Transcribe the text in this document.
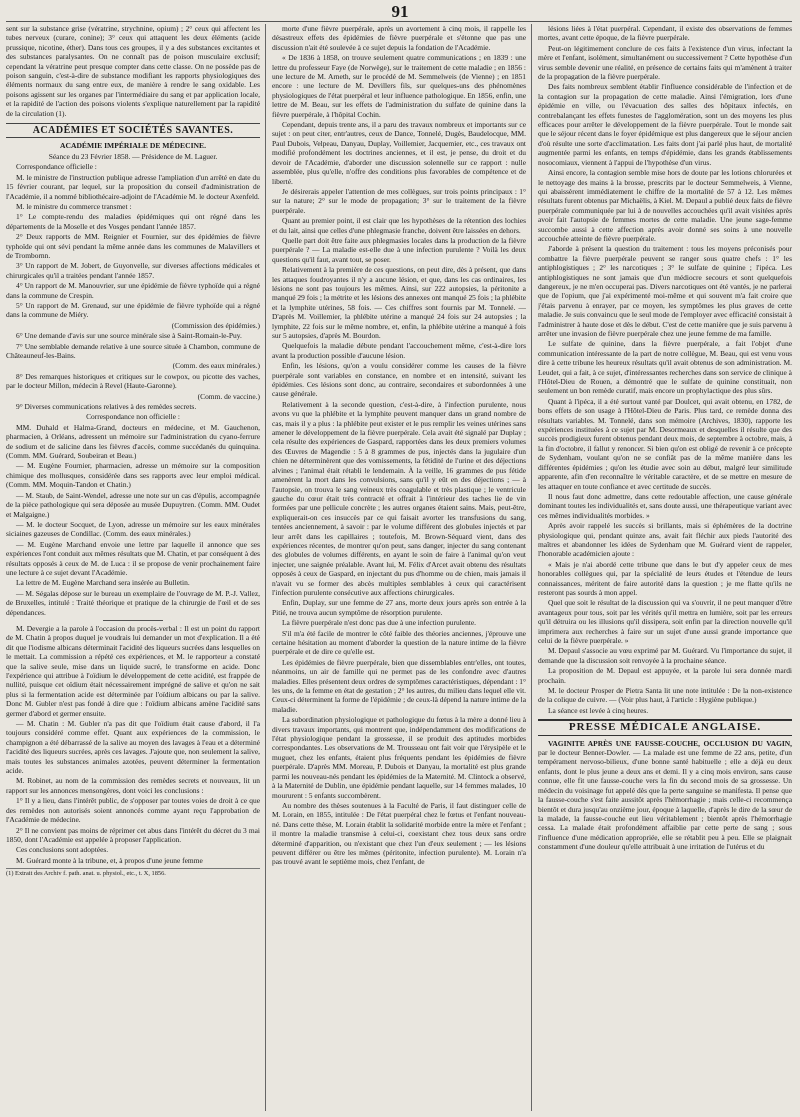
91

sent sur la substance grise (vératrine, strychnine, opium) ; 2° ceux qui affectent les tubes nerveux (curare, conine); 3° ceux qui attaquent les deux éléments (acide prussique, nicotine, éther). Dans tous ces groupes, il y a des substances excitantes et des substances paralysantes. On ne connaît pas de poison musculaire exclusif; cependant la vératrine peut presque compter dans cette classe. On ne possède pas de poison sanguin, c'est-à-dire de substance modifiant les rapports physiologiques des éléments normaux du sang entre eux, de manière à rendre le sang oxidable. Les poisons agissent sur les organes par l'intermédiaire du sang et par application locale, et la rapidité de l'action des poisons violents s'explique naturellement par la rapidité de la circulation (1).

ACADÉMIES ET SOCIÉTÉS SAVANTES.
ACADÉMIE IMPÉRIALE DE MÉDECINE.

Séance du 23 Février 1858. — Présidence de M. Laguer.

Correspondance officielle :

M. le ministre de l'instruction publique adresse l'ampliation d'un arrêté en date du 15 février courant, par lequel, sur la proposition du conseil d'administration de l'Académie, il a nommé bibliothécaire-adjoint de l'Académie M. le docteur Axenfeld.

M. le ministre du commerce transmet :

1° Le compte-rendu des maladies épidémiques qui ont régné dans les départements de la Moselle et des Vosges pendant l'année 1857.

2° Deux rapports de MM. Reignier et Fournier, sur des épidémies de fièvre typhoïde qui ont sévi pendant la même année dans les communes de Malavillers et de Trombornn.

3° Un rapport de M. Jobert, de Guyonvelle, sur diverses affections médicales et chirurgicales qu'il a traitées pendant l'année 1857.

4° Un rapport de M. Manouvrier, sur une épidémie de fièvre typhoïde qui a régné dans la commune de Crespin.

5° Un rapport de M. Grenaud, sur une épidémie de fièvre typhoïde qui a régné dans la commune de Miéry.

(Commission des épidémies.)

6° Une demande d'avis sur une source minérale sise à Saint-Romain-le-Puy.

7° Une semblable demande relative à une source située à Chambon, commune de Châteauneuf-les-Bains.

(Comm. des eaux minérales.)

8° Des remarques historiques et critiques sur le cowpox, ou picotte des vaches, par le docteur Millon, médecin à Revel (Haute-Garonne).

(Comm. de vaccine.)

9° Diverses communications relatives à des remèdes secrets.

Correspondance non officielle :

MM. Duhald et Halma-Grand, docteurs en médecine, et M. Gauchenon, pharmacien, à Orléans, adressent un mémoire sur l'administration du cyano-ferrure de sodium et de salicine dans les fièvres d'accès, comme succédanés du quinquina. (Comm. MM. Guérard, Soubeiran et Beau.)

— M. Eugène Fournier, pharmacien, adresse un mémoire sur la composition chimique des mollusques, considérée dans ses rapports avec leur emploi médical. (Comm. MM. Moquin-Tandon et Chatin.)

— M. Staub, de Saint-Wendel, adresse une note sur un cas d'épulis, accompagnée de la pièce pathologique qui sera déposée au musée Dupuytren. (Comm. MM. Oudet et Malgaigne.)

— M. le docteur Socquet, de Lyon, adresse un mémoire sur les eaux minérales siciaines gazeuses de Condillac. (Comm. des eaux minérales.)

— M. Eugène Marchand envoie une lettre par laquelle il annonce que ses expériences l'ont conduit aux mêmes résultats que M. Chatin, et par conséquent à des résultats opposés à ceux de M. de Luca : il se propose de venir prochainement faire une lecture à ce sujet devant l'Académie.

La lettre de M. Eugène Marchand sera insérée au Bulletin.

— M. Ségalas dépose sur le bureau un exemplaire de l'ouvrage de M. P.-J. Vallez, de Bruxelles, intitulé : Traité théorique et pratique de la chirurgie de l'œil et de ses dépendances.

M. Devergie a la parole à l'occasion du procès-verbal : Il est un point du rapport de M. Chatin à propos duquel je voudrais lui demander un mot d'explication. Il a été dit que l'iodisme albicans déterminait l'acidité des liqueurs sucrées dans lesquelles on le mettait. La commission a répété ces expériences, et M. le rapporteur a constaté que la salive seule, mise dans un liquide sucré, le transforme en acide. Donc l'expérience qui attribue à l'oïdium le développement de cette acidité, est frappée de nullité, puisque cet oïdium était nécessairement imprégné de salive et qu'on ne sait plus si la fermentation acide est déterminée par l'oïdium albicans ou par la salive. Donc M. Gubler n'est pas fondé à dire que : l'oïdium albicans amène l'acidité sans germer d'abord et germer ensuite.

— M. Chatin : M. Gubler n'a pas dit que l'oïdium était cause d'abord, il l'a toujours considéré comme effet. Quant aux expériences de la commission, le champignon a été débarrassé de la salive au moyen des lavages à l'eau et a déterminé l'acidité des liqueurs sucrées, après ces lavages. J'ajoute que, non seulement la salive, mais toutes les substances animales azotées, peuvent déterminer la fermentation acide.

M. Robinet, au nom de la commission des remèdes secrets et nouveaux, lit un rapport sur les annonces mensongères, dont voici les conclusions :

1° Il y a lieu, dans l'intérêt public, de s'opposer par toutes voies de droit à ce que des remèdes non autorisés soient annoncés comme ayant reçu l'approbation de l'Académie de médecine.

2° Il ne convient pas moins de réprimer cet abus dans l'intérêt du décret du 3 mai 1850, dont l'Académie est appelée à proposer l'application.

Ces conclusions sont adoptées.

M. Guérard monte à la tribune, et, à propos d'une jeune femme

(1) Extrait des Archiv f. path. anat. u. physiol., etc., t. X, 1856.

morte d'une fièvre puerpérale, après un avortement à cinq mois, il rappelle les désastreux effets des épidémies de fièvre puerpérale et s'étonne que pas une discussion n'ait été soulevée à ce sujet depuis la fondation de l'Académie.

« De 1836 à 1858, on trouve seulement quatre communications ; en 1839 : une lettre du professeur Faye (de Norwège), sur le traitement de cette maladie ; en 1856 : une lecture de M. Arneth, sur le procédé de M. Semmelweis (de Vienne) ; en 1851 encore : une lecture de M. Devillers fils, sur quelques-uns des phénomènes physiologiques de l'état puerpéral et leur influence pathologique. En 1856, enfin, une lettre de M. Beau, sur les effets de l'administration du sulfate de quinine dans la fièvre puerpérale, à l'hôpital Cochin.

Cependant, depuis trente ans, il a paru des travaux nombreux et importants sur ce sujet : on peut citer, entr'autres, ceux de Dance, Tonnelé, Dugès, Baudelocque, MM. Paul Dubois, Velpeau, Danyau, Duplay, Voillemier, Jacquemier, etc., ces travaux ont modifié profondément les doctrines anciennes, et il est, je pense, du droit et du devoir de l'Académie, d'aborder une discussion solennelle sur ce rapport : nulle assemblée, plus qu'elle, n'offre des conditions plus favorables de compétence et de liberté.

Je désirerais appeler l'attention de mes collègues, sur trois points principaux : 1° sur la nature; 2° sur le mode de propagation; 3° sur le traitement de la fièvre puerpérale.

Quant au premier point, il est clair que les hypothèses de la rétention des lochies et du lait, ainsi que celles d'une phlegmasie franche, doivent être laissées en dehors.

Quelle part doit être faite aux phlegmasies locales dans la production de la fièvre puerpérale ? — La maladie est-elle due à une infection purulente ? Voilà les deux questions qu'il faut, avant tout, se poser.

Relativement à la première de ces questions, on peut dire, dès à présent, que dans les attaques foudroyantes il n'y a aucune lésion, et que, dans les cas ordinaires, les lésions ne sont pas toujours les mêmes. Ainsi, sur 222 autopsies, la péritonite a manqué 29 fois ; la métrite et les lésions des annexes ont manqué 25 fois ; la phlébite et la lymphite utérines, 58 fois. — Ces chiffres sont fournis par M. Tonnelé. — D'après M. Voillemier, la phlébite utérine a manqué 24 fois sur 24 autopsies ; la lymphite, 22 fois sur le même nombre, et, enfin, la phlébite utérine a manqué à fois sur 5 autopsies, d'après M. Bourdon.

Quelquefois la maladie débute pendant l'accouchement même, c'est-à-dire lors avant la production possible d'aucune lésion.

Enfin, les lésions, qu'on a voulu considérer comme les causes de la fièvre puerpérale sont variables en constance, en nombre et en intensité, suivant les épidémies. Ces lésions sont donc, au contraire, secondaires et subordonnées à une cause générale.

Relativement à la seconde question, c'est-à-dire, à l'infection purulente, nous avons vu que la phlébite et la lymphite peuvent manquer dans un grand nombre de cas, mais il y a plus : la phlébite peut exister et le pus remplir les veines utérines sans amener le développement de la fièvre puerpérale. Cela avait été signalé par Duplay ; cela résulte des expériences de Gaspard, rapportées dans les deux premiers volumes des Œuvres de Magendie : 5 à 8 grammes de pus, injectés dans la jugulaire d'un chien ne déterminèrent que des vomissements, la fétidité de l'urine et des déjections alvines ; l'animal était rétabli le lendemain. À la veille, 16 grammes de pus fétide amenèrent la mort dans les convulsions, sans qu'il y eût en des déjections ; — à l'autopsie, on trouva le sang veineux très coagulable et très plastique ; le ventricule gauche du cœur était très contracté et offrait à l'intérieur des taches lie de vin formées par une pellicule concrète ; les autres organes étaient sains. Mais, peut-être, expliquerait-on ces insuccès par ce qui faisait avorter les transfusions du sang, tentées anciennement, à savoir : par le volume différent des globules injectés et par leur arrêt dans les capillaires ; toutefois, M. Brown-Séquard vient, dans des expériences récentes, de montrer qu'on peut, sans danger, injecter du sang contenant des globules de volumes différents, en ayant le soin de faire à l'animal qu'on veut injecter, une saignée préalable. Avant lui, M. Félix d'Arcet avait obtenu des résultats opposés à ceux de Gaspard, en injectant du pus d'homme ou de chien, mais jamais il n'avait vu se former des abcès multiples semblables à ceux qui caractérisent l'infection purulente consécutive aux affections chirurgicales.

Enfin, Duplay, sur une femme de 27 ans, morte deux jours après son entrée à la Pitié, ne trouva aucun symptôme de résorption purulente.

La fièvre puerpérale n'est donc pas due à une infection purulente.

S'il m'a été facile de montrer le côté faible des théories anciennes, j'éprouve une certaine hésitation au moment d'aborder la question de la nature intime de la fièvre puerpérale et de dire ce qu'elle est.

Les épidémies de fièvre puerpérale, bien que dissemblables entr'elles, ont toutes, néanmoins, un air de famille qui ne permet pas de les confondre avec d'autres maladies. Elles présentent deux ordres de symptômes caractéristiques, dépendant : 1° les uns, de la femme en état de gestation ; 2° les autres, du milieu dans lequel elle vit. Ceux-ci déterminent la forme de l'épidémie ; de ceux-là dépend la nature intime de la maladie.

La subordination physiologique et pathologique du fœtus à la mère a donné lieu à divers travaux importants, qui montrent que, indépendamment des modifications de l'état physiologique pendant la grossesse, il se produit des aptitudes morbides correspondantes. Les observations de M. Trousseau ont fait voir que l'érysipèle et le muguet, chez les enfants, étaient plus fréquents pendant les épidémies de fièvre puerpérale. D'après MM. Moreau, P. Dubois et Danyau, la mortalité est plus grande parmi les nouveau-nés pendant les épidémies de la Maternité. M. Clintock a observé, à la Maternité de Dublin, une épidémie pendant laquelle, sur 14 femmes malades, 10 moururent : 5 enfants succombèrent.

Au nombre des thèses soutenues à la Faculté de Paris, il faut distinguer celle de M. Lorain, en 1855, intitulée : De l'état puerpéral chez le fœtus et l'enfant nouveau-né. Dans cette thèse, M. Lorain établit la solidarité morbide entre la mère et l'enfant ; il montre la maladie transmise à celui-ci, coexistant chez tous deux sans ordre déterminé d'apparition, ou n'existant que chez l'un d'eux seulement ; — les lésions peuvent différer ou être les mêmes (péritonite, infection purulente). M. Lorain n'a pas trouvé avant le septième mois, chez l'enfant, de

lésions liées à l'état puerpéral. Cependant, il existe des observations de femmes mortes, avant cette époque, de la fièvre puerpérale.

Peut-on légitimement conclure de ces faits à l'existence d'un virus, infectant la mère et l'enfant, isolément, simultanément ou successivement ? Cette hypothèse d'un virus semble devenir une réalité, en présence de certains faits qui m'amènent à traiter de la propagation de la fièvre puerpérale.

Des faits nombreux semblent établir l'influence considérable de l'infection et de la contagion sur la propagation de cette maladie. Ainsi l'émigration, lors d'une épidémie en ville, ou l'évacuation des salles des hôpitaux infectés, en contrebalançant les effets funestes de l'agglomération, sont un des moyens les plus efficaces pour arrêter le développement de la fièvre puerpérale. Tout le monde sait que le séjour récent dans le foyer épidémique est plus dangereux que le séjour ancien d'où résulte une sorte d'acclimatation. Les faits dont j'ai parlé plus haut, de mortalité augmentée parmi les enfants, en temps d'épidémie, dans les grands établissements nosocomiaux, viennent à l'appui de l'hypothèse d'un virus.

Ainsi encore, la contagion semble mise hors de doute par les lotions chlorurées et le nettoyage des mains à la brosse, prescrits par le docteur Semmelweis, à Vienne, qui abaissèrent immédiatement le chiffre de la mortalité de 57 à 12. Les mêmes résultats furent obtenus par Michaëlis, à Kiel. M. Depaul a publié deux faits de fièvre puerpérale communiquée par lui à de nouvelles accouchées qu'il avait visitées après avoir fait l'autopsie de femmes mortes de cette maladie. Une jeune sage-femme succombe aussi à cette affection après avoir donné ses soins à une nouvelle accouchée atteinte de fièvre puerpérale.

J'aborde à présent la question du traitement : tous les moyens préconisés pour combattre la fièvre puerpérale peuvent se ranger sous quatre chefs : 1° les antiphlogistiques ; 2° les narcotiques ; 3° le sulfate de quinine ; l'ipéca. Les antiphlogistiques ne sont jamais que d'un médiocre secours et sont quelquefois dangereux, je ne m'en occuperai pas. Divers narcotiques ont été vantés, je ne parlerai que de l'opium, que j'ai expérimenté moi-même et qui souvent m'a fait croire que j'étais parvenu à enrayer, par ce moyen, les symptômes les plus graves de cette maladie. Je suis convaincu que le seul mode de l'employer avec efficacité consistait à l'administrer à haute dose et dès le début. C'est de cette manière que je suis parvenu à arrêter une invasion de fièvre puerpérale chez une jeune femme de ma famille.

Le sulfate de quinine, dans la fièvre puerpérale, a fait l'objet d'une communication intéressante de la part de notre collègue, M. Beau, qui est venu vous dire à cette tribune les heureux résultats qu'il avait obtenus de son administration. M. Leudet, qui a fait, à ce sujet, d'intéressantes recherches dans son service de clinique à l'Hôtel-Dieu de Rouen, a démontré que le sulfate de quinine constituait, non seulement un bon remède curatif, mais encore un prophylactique des plus sûrs.

Quant à l'ipéca, il a été surtout vanté par Doulcet, qui avait obtenu, en 1782, de bons effets de son usage à l'Hôtel-Dieu de Paris. Plus tard, ce remède donna des résultats variables. M. Tonnelé, dans son mémoire (Archives, 1830), rapporte les expériences instituées à ce sujet par M. Desormeaux et desquelles il résulte que des succès prodigieux furent obtenus pendant deux mois, de septembre à octobre, mais, à la fin d'octobre, il fallut y renoncer. Si bien qu'on est obligé de revenir à ce précepte de Sydenham, voulant qu'on ne se confiât pas de la même manière dans les différentes épidémies ; qu'on les étudie avec soin au début, malgré leur similitude apparente, afin d'en reconnaître le véritable caractère, et de se mettre en mesure de les attaquer en toute confiance et avec certitude de succès.

Il nous faut donc admettre, dans cette redoutable affection, une cause générale dominant toutes les individualités et, sans doute aussi, une thérapeutique variant avec ces mêmes individualités morbides. »

Après avoir rappelé les succès si brillants, mais si éphémères de la doctrine physiologique qui, pendant quinze ans, avait fait fléchir aux pieds l'autorité des maîtres et abandonner les idées de Sydenham que M. Guérard vient de rappeler, l'honorable académicien ajoute :

« Mais je n'ai abordé cette tribune que dans le but d'y appeler ceux de mes honorables collègues qui, par la spécialité de leurs études et l'étendue de leurs connaissances, méritent de faire autorité dans la question ; je me flatte qu'ils ne resteront pas sourds à mon appel.

Quel que soit le résultat de la discussion qui va s'ouvrir, il ne peut manquer d'être avantageux pour tous, soit par les vérités qu'il mettra en lumière, soit par les erreurs qu'il détruira ou les illusions qu'il dissipera, soit enfin par la direction nouvelle qu'il imprimera aux recherches à faire sur un sujet d'une aussi grande importance que celui de la fièvre puerpérale. »

M. Depaul s'associe au vœu exprimé par M. Guérard. Vu l'importance du sujet, il demande que la discussion soit renvoyée à la prochaine séance.

La proposition de M. Depaul est appuyée, et la parole lui sera donnée mardi prochain.

M. le docteur Prosper de Pietra Santa lit une note intitulée : De la non-existence de la colique de cuivre. — (Voir plus haut, à l'article : Hygiène publique.)

La séance est levée à cinq heures.

PRESSE MÉDICALE ANGLAISE.

VAGINITE APRÈS UNE FAUSSE-COUCHE, OCCLUSION DU VAGIN, par le docteur Benner-Dowler. — La malade est une femme de 22 ans, petite, d'un tempérament nervoso-bilieux, d'une bonne santé habituelle ; elle a déjà eu deux enfants, dont le plus jeune a deux ans et demi. Il y a cinq mois environ, sans cause connue, elle fit une fausse-couche vers la fin du second mois de sa grossesse. Un médecin du voisinage fut appelé dès que la perte sanguine se manifesta. Il pense que la fausse-couche s'est faite aussitôt après l'hémorrhagie ; mais celle-ci recommença bientôt et dura jusqu'au onzième jour, époque à laquelle, d'après le dire de la sœur de la malade, la fausse-couche eut lieu véritablement ; bientôt après l'hémorrhagie cessa. La malade était profondément affaiblie par cette perte de sang ; sous l'influence d'une médication appropriée, elle se rétablit peu à peu. Elle se plaignait constamment d'une douleur qu'elle attribuait à une irritation de l'utérus et du
